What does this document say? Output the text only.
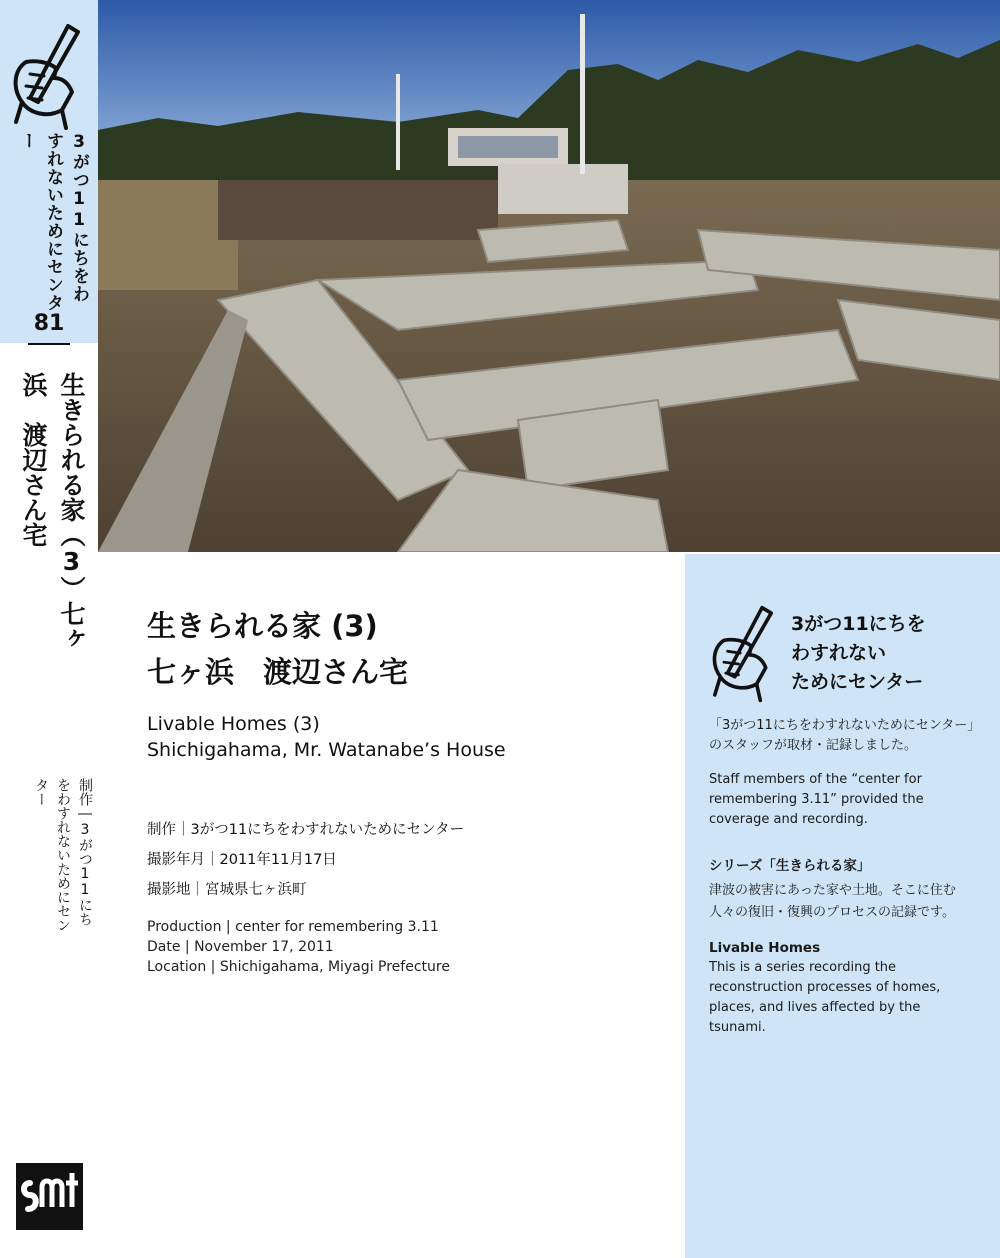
3がつ11にちをわすれないためにセンター
81
生きられる家（3）七ヶ浜　渡辺さん宅
制作―3がつ11にちをわすれないためにセンター
生きられる家 (3)
七ヶ浜　渡辺さん宅
Livable Homes (3)
Shichigahama, Mr. Watanabe’s House
制作｜3がつ11にちをわすれないためにセンター
撮影年月｜2011年11月17日
撮影地｜宮城県七ヶ浜町
Production | center for remembering 3.11
Date | November 17, 2011
Location | Shichigahama, Miyagi Prefecture
3がつ11にちを
わすれない
ためにセンター
「3がつ11にちをわすれないためにセンター」のスタッフが取材・記録しました。
Staff members of the “center for remembering 3.11” provided the coverage and recording.
シリーズ「生きられる家」
津波の被害にあった家や土地。そこに住む人々の復旧・復興のプロセスの記録です。
Livable Homes
This is a series recording the reconstruction processes of homes, places, and lives affected by the tsunami.
